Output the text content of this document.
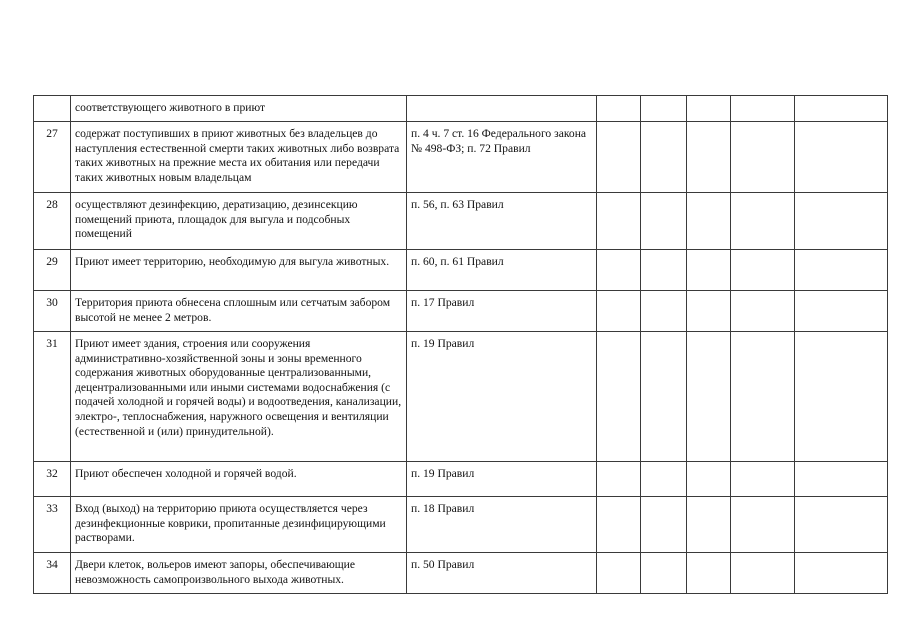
	соответствующего животного в приют						
27	содержат поступивших в приют животных без владельцев до наступления естественной смерти таких животных либо возврата таких животных на прежние места их обитания или передачи таких животных новым владельцам	п. 4 ч. 7 ст. 16 Федерального закона № 498-ФЗ; п. 72 Правил					
28	осуществляют дезинфекцию, дератизацию, дезинсекцию помещений приюта, площадок для выгула и подсобных помещений	п. 56, п. 63 Правил					
29	Приют имеет территорию, необходимую для выгула животных.	п. 60, п. 61 Правил					
30	Территория приюта обнесена сплошным или сетчатым забором высотой не менее 2 метров.	п. 17 Правил					
31	Приют имеет здания, строения или сооружения административно-хозяйственной зоны и зоны временного содержания животных оборудованные централизованными, децентрализованными или иными системами водоснабжения (с подачей холодной и горячей воды) и водоотведения, канализации, электро-, теплоснабжения, наружного освещения и вентиляции (естественной и (или) принудительной).	п. 19 Правил					
32	Приют обеспечен холодной и горячей водой.	п. 19 Правил					
33	Вход (выход) на территорию приюта осуществляется через дезинфекционные коврики, пропитанные дезинфицирующими растворами.	п. 18 Правил					
34	Двери клеток, вольеров имеют запоры, обеспечивающие невозможность самопроизвольного выхода животных.	п. 50 Правил					
